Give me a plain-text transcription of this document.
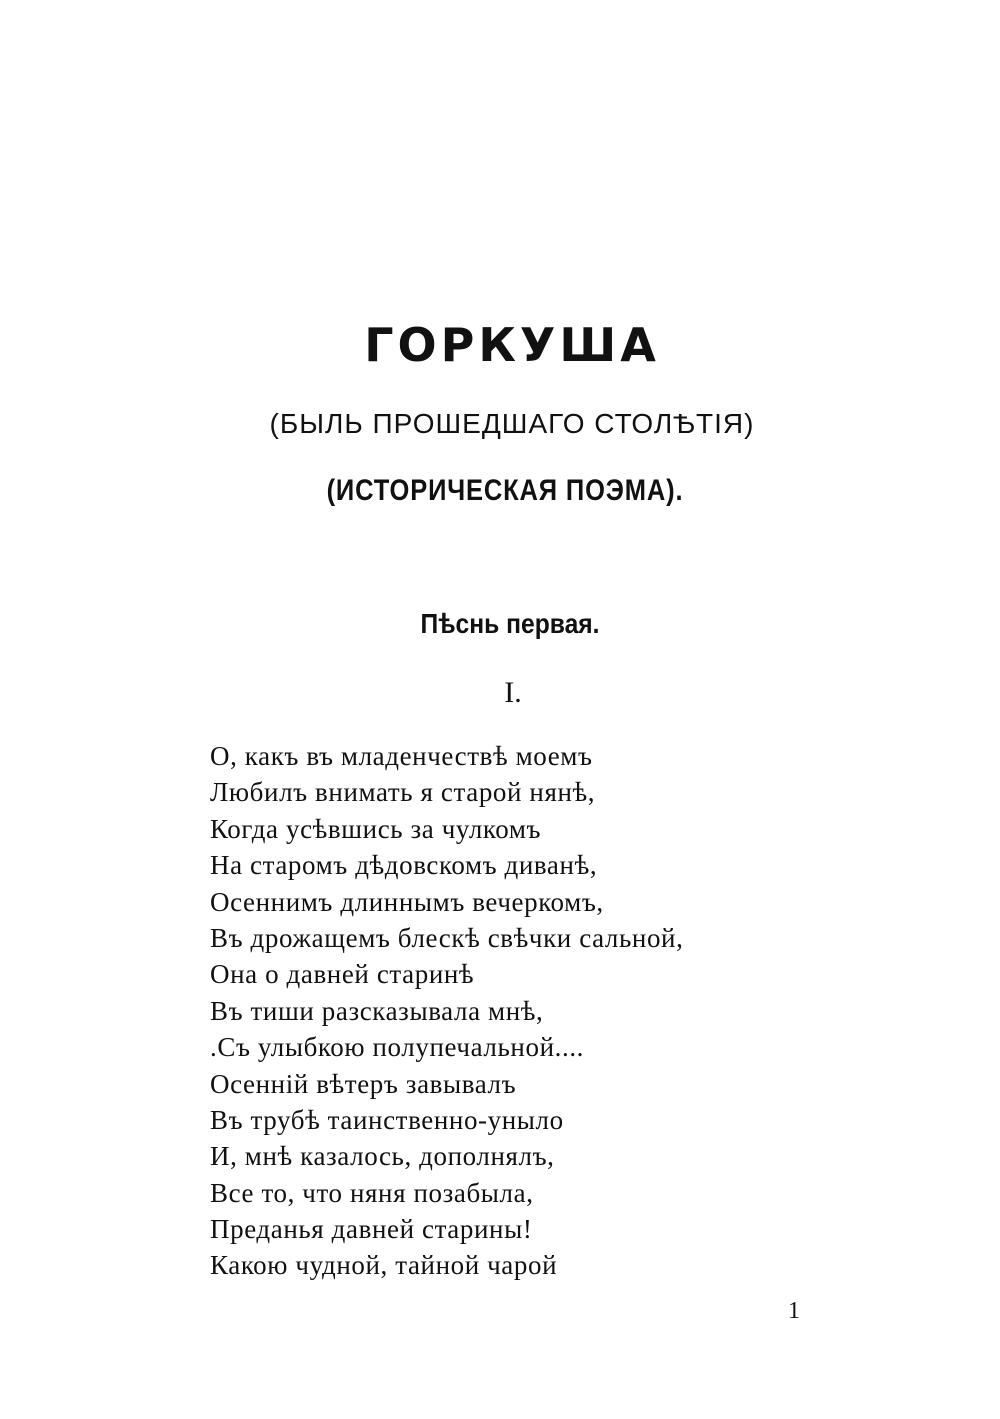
ГОРКУША
(БЫЛЬ ПРОШЕДШАГО СТОЛѢТІЯ)
(ИСТОРИЧЕСКАЯ ПОЭМА).
Пѣснь первая.
I.
О, какъ въ младенчествѣ моемъ
Любилъ внимать я старой нянѣ,
Когда усѣвшись за чулкомъ
На старомъ дѣдовскомъ диванѣ,
Осеннимъ длиннымъ вечеркомъ,
Въ дрожащемъ блескѣ свѣчки сальной,
Она о давней старинѣ
Въ тиши разсказывала мнѣ,
.Съ улыбкою полупечальной....
Осенній вѣтеръ завывалъ
Въ трубѣ таинственно-уныло
И, мнѣ казалось, дополнялъ,
Все то, что няня позабыла,
Преданья давней старины!
Какою чудной, тайной чарой
1
